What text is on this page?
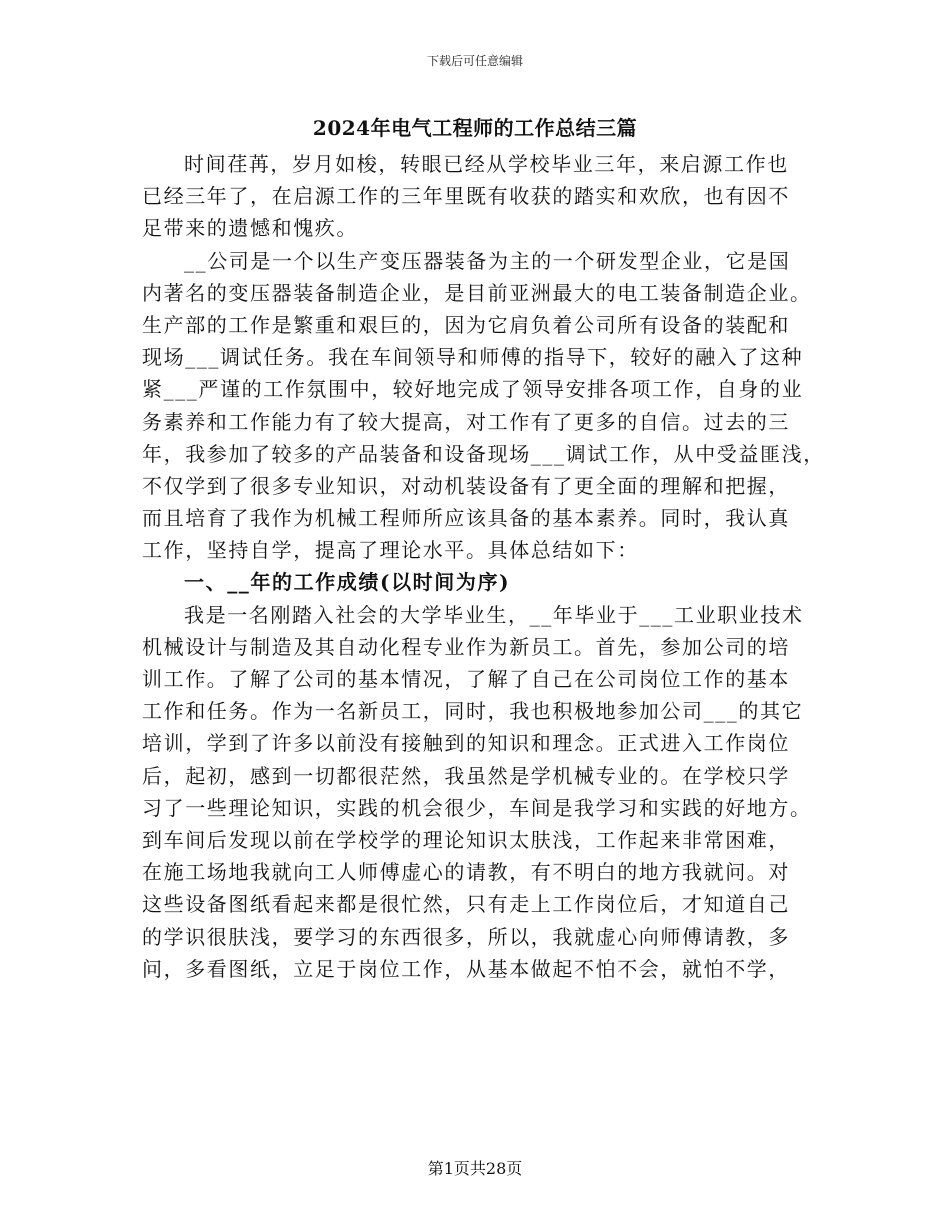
下载后可任意编辑
2024年电气工程师的工作总结三篇
时间荏苒，岁月如梭，转眼已经从学校毕业三年，来启源工作也
已经三年了，在启源工作的三年里既有收获的踏实和欢欣，也有因不
足带来的遗憾和愧疚。
__公司是一个以生产变压器装备为主的一个研发型企业，它是国
内著名的变压器装备制造企业，是目前亚洲最大的电工装备制造企业。
生产部的工作是繁重和艰巨的，因为它肩负着公司所有设备的装配和
现场___调试任务。我在车间领导和师傅的指导下，较好的融入了这种
紧___严谨的工作氛围中，较好地完成了领导安排各项工作，自身的业
务素养和工作能力有了较大提高，对工作有了更多的自信。过去的三
年，我参加了较多的产品装备和设备现场___调试工作，从中受益匪浅，
不仅学到了很多专业知识，对动机装设备有了更全面的理解和把握，
而且培育了我作为机械工程师所应该具备的基本素养。同时，我认真
工作，坚持自学，提高了理论水平。具体总结如下：
一、__年的工作成绩(以时间为序)
我是一名刚踏入社会的大学毕业生，__年毕业于___工业职业技术
机械设计与制造及其自动化程专业作为新员工。首先，参加公司的培
训工作。了解了公司的基本情况，了解了自己在公司岗位工作的基本
工作和任务。作为一名新员工，同时，我也积极地参加公司___的其它
培训，学到了许多以前没有接触到的知识和理念。正式进入工作岗位
后，起初，感到一切都很茫然，我虽然是学机械专业的。在学校只学
习了一些理论知识，实践的机会很少，车间是我学习和实践的好地方。
到车间后发现以前在学校学的理论知识太肤浅，工作起来非常困难，
在施工场地我就向工人师傅虚心的请教，有不明白的地方我就问。对
这些设备图纸看起来都是很忙然，只有走上工作岗位后，才知道自己
的学识很肤浅，要学习的东西很多，所以，我就虚心向师傅请教，多
问，多看图纸，立足于岗位工作，从基本做起不怕不会，就怕不学，
第1页共28页
